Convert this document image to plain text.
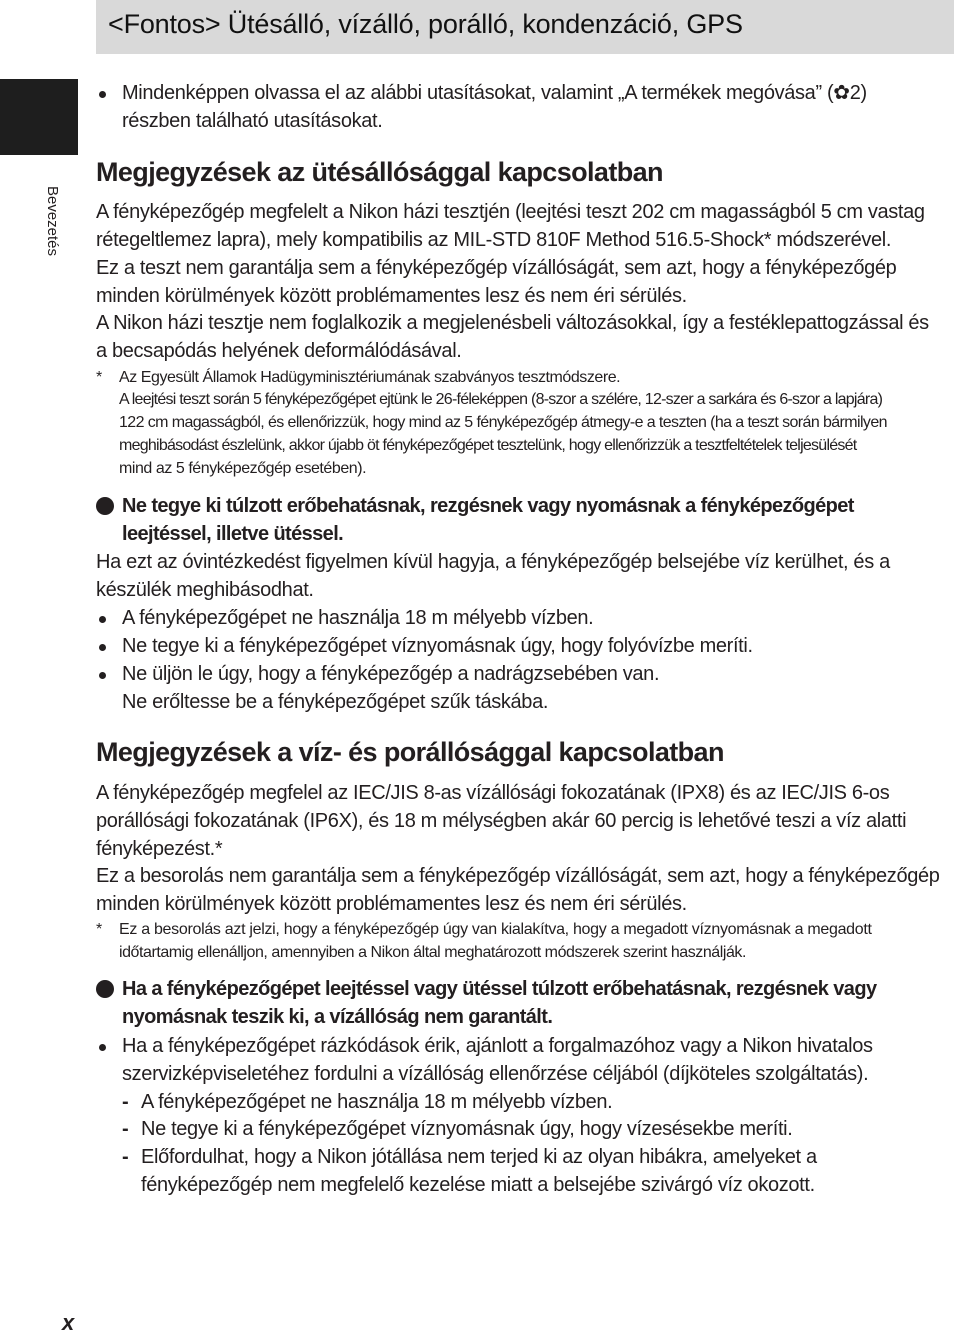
<Fontos> Ütésálló, vízálló, porálló, kondenzáció, GPS
Bevezetés
Mindenképpen olvassa el az alábbi utasításokat, valamint „A termékek megóvása” (✿2)
részben található utasításokat.
Megjegyzések az ütésállósággal kapcsolatban
A fényképezőgép megfelelt a Nikon házi tesztjén (leejtési teszt 202 cm magasságból 5 cm vastag
rétegeltlemez lapra), mely kompatibilis az MIL-STD 810F Method 516.5-Shock* módszerével.
Ez a teszt nem garantálja sem a fényképezőgép vízállóságát, sem azt, hogy a fényképezőgép
minden körülmények között problémamentes lesz és nem éri sérülés.
A Nikon házi tesztje nem foglalkozik a megjelenésbeli változásokkal, így a festéklepattogzással és
a becsapódás helyének deformálódásával.
* Az Egyesült Államok Hadügyminisztériumának szabványos tesztmódszere.
A leejtési teszt során 5 fényképezőgépet ejtünk le 26-féleképpen (8-szor a szélére, 12-szer a sarkára és 6-szor a lapjára)
122 cm magasságból, és ellenőrizzük, hogy mind az 5 fényképezőgép átmegy-e a teszten (ha a teszt során bármilyen
meghibásodást észlelünk, akkor újabb öt fényképezőgépet tesztelünk, hogy ellenőrizzük a tesztfeltételek teljesülését
mind az 5 fényképezőgép esetében).
Ne tegye ki túlzott erőbehatásnak, rezgésnek vagy nyomásnak a fényképezőgépet
leejtéssel, illetve ütéssel.
Ha ezt az óvintézkedést figyelmen kívül hagyja, a fényképezőgép belsejébe víz kerülhet, és a
készülék meghibásodhat.
A fényképezőgépet ne használja 18 m mélyebb vízben.
Ne tegye ki a fényképezőgépet víznyomásnak úgy, hogy folyóvízbe meríti.
Ne üljön le úgy, hogy a fényképezőgép a nadrágzsebében van.
Ne erőltesse be a fényképezőgépet szűk táskába.
Megjegyzések a víz- és porállósággal kapcsolatban
A fényképezőgép megfelel az IEC/JIS 8-as vízállósági fokozatának (IPX8) és az IEC/JIS 6-os
porállósági fokozatának (IP6X), és 18 m mélységben akár 60 percig is lehetővé teszi a víz alatti
fényképezést.*
Ez a besorolás nem garantálja sem a fényképezőgép vízállóságát, sem azt, hogy a fényképezőgép
minden körülmények között problémamentes lesz és nem éri sérülés.
* Ez a besorolás azt jelzi, hogy a fényképezőgép úgy van kialakítva, hogy a megadott víznyomásnak a megadott
időtartamig ellenálljon, amennyiben a Nikon által meghatározott módszerek szerint használják.
Ha a fényképezőgépet leejtéssel vagy ütéssel túlzott erőbehatásnak, rezgésnek vagy
nyomásnak teszik ki, a vízállóság nem garantált.
Ha a fényképezőgépet rázkódások érik, ajánlott a forgalmazóhoz vagy a Nikon hivatalos
szervizképviseletéhez fordulni a vízállóság ellenőrzése céljából (díjköteles szolgáltatás).
- A fényképezőgépet ne használja 18 m mélyebb vízben.
- Ne tegye ki a fényképezőgépet víznyomásnak úgy, hogy vízesésekbe meríti.
- Előfordulhat, hogy a Nikon jótállása nem terjed ki az olyan hibákra, amelyeket a
fényképezőgép nem megfelelő kezelése miatt a belsejébe szivárgó víz okozott.
x
